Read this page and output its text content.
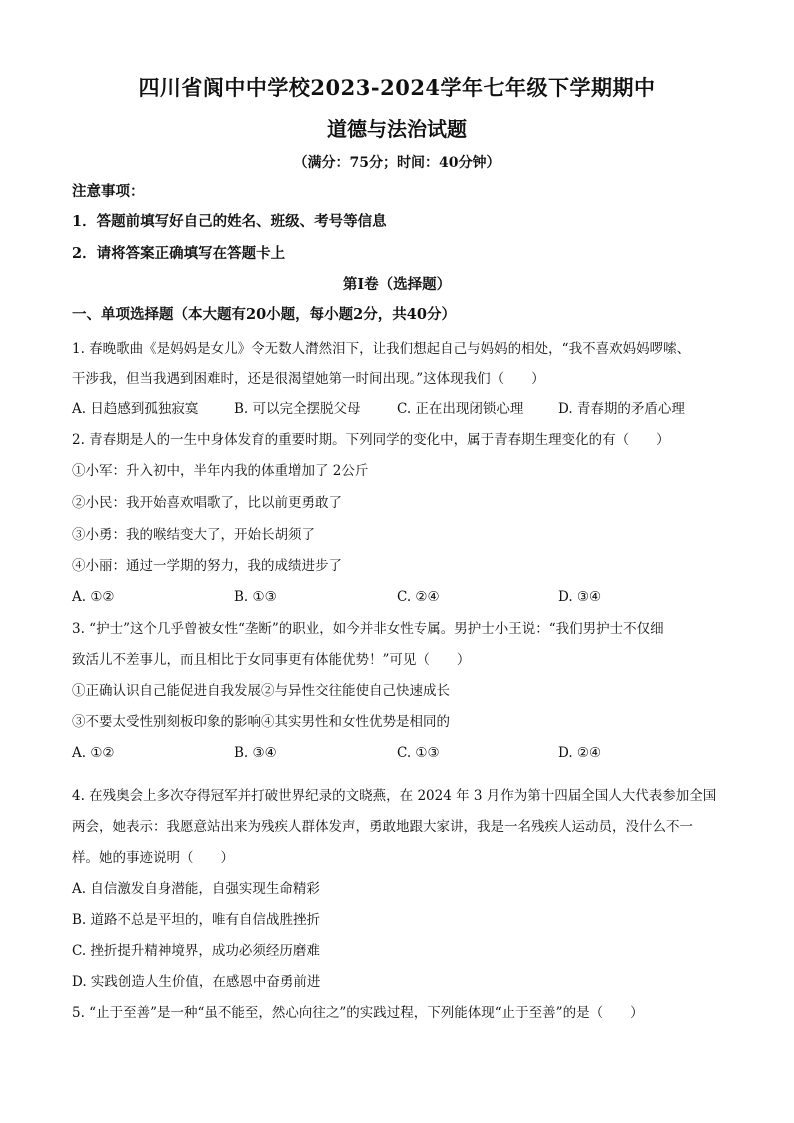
四川省阆中中学校2023-2024学年七年级下学期期中
道德与法治试题
（满分：75分；时间：40分钟）
注意事项：
1．答题前填写好自己的姓名、班级、考号等信息
2．请将答案正确填写在答题卡上
第I卷（选择题）
一、单项选择题（本大题有20小题，每小题2分，共40分）
1. 春晚歌曲《是妈妈是女儿》令无数人潸然泪下，让我们想起自己与妈妈的相处，“我不喜欢妈妈啰嗦、
干涉我，但当我遇到困难时，还是很渴望她第一时间出现。”这体现我们（　　）
A. 日趋感到孤独寂寞	B. 可以完全摆脱父母	C. 正在出现闭锁心理	D. 青春期的矛盾心理
2. 青春期是人的一生中身体发育的重要时期。下列同学的变化中，属于青春期生理变化的有（　　）
①小军：升入初中，半年内我的体重增加了 2公斤
②小民：我开始喜欢唱歌了，比以前更勇敢了
③小勇：我的喉结变大了，开始长胡须了
④小丽：通过一学期的努力，我的成绩进步了
A. ①②	B. ①③	C. ②④	D. ③④
3. “护士”这个几乎曾被女性“垄断”的职业，如今并非女性专属。男护士小王说：“我们男护士不仅细
致活儿不差事儿，而且相比于女同事更有体能优势！”可见（　　）
①正确认识自己能促进自我发展②与异性交往能使自己快速成长
③不要太受性别刻板印象的影响④其实男性和女性优势是相同的
A. ①②	B. ③④	C. ①③	D. ②④
4. 在残奥会上多次夺得冠军并打破世界纪录的文晓燕，在 2024 年 3 月作为第十四届全国人大代表参加全国
两会，她表示：我愿意站出来为残疾人群体发声，勇敢地跟大家讲，我是一名残疾人运动员，没什么不一
样。她的事迹说明（　　）
A. 自信激发自身潜能，自强实现生命精彩
B. 道路不总是平坦的，唯有自信战胜挫折
C. 挫折提升精神境界，成功必须经历磨难
D. 实践创造人生价值，在感恩中奋勇前进
5. “止于至善”是一种“虽不能至，然心向往之”的实践过程，下列能体现“止于至善”的是（　　）
